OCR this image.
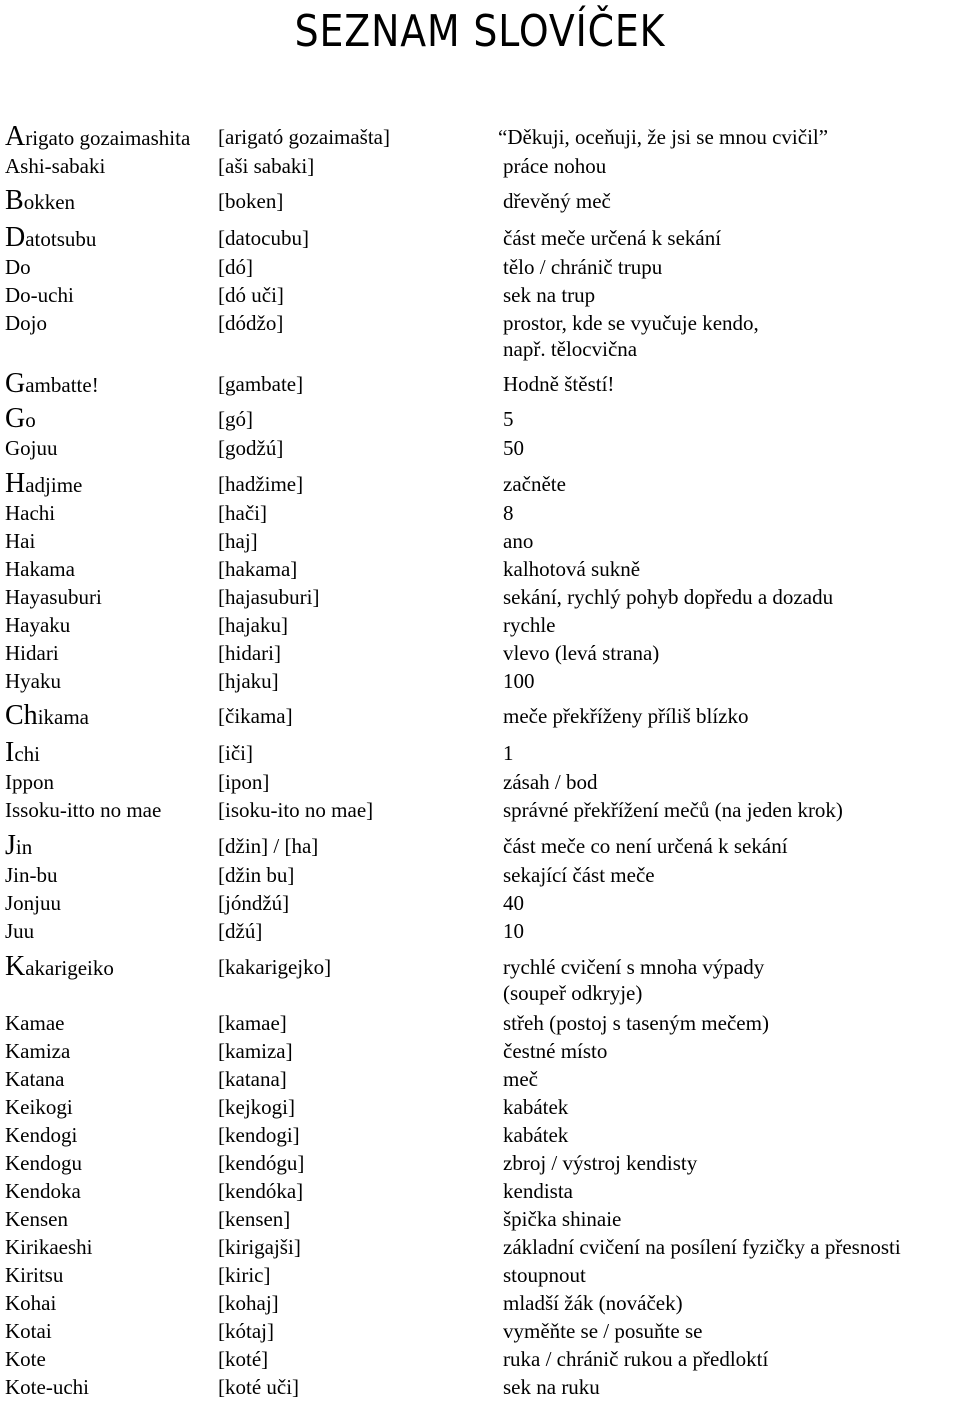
SEZNAM SLOVÍČEK
Arigato gozaimashita [arigató gozaimašta]	“Děkuji, oceňuji, že jsi se mnou cvičil”
Ashi-sabaki	[aši sabaki]	práce nohou
Bokken	[boken]	dřevěný meč
Datotsubu	[datocubu]	část meče určená k sekání
Do	[dó]	tělo / chránič trupu
Do-uchi	[dó uči]	sek na trup
Dojo	[dódžo]	prostor, kde se vyučuje kendo,
např. tělocvična
Gambatte!	[gambate]	Hodně štěstí!
Go	[gó]	5
Gojuu	[godžú]	50
Hadjime	[hadžime]	začněte
Hachi	[hači]	8
Hai	[haj]	ano
Hakama	[hakama]	kalhotová sukně
Hayasuburi	[hajasuburi]	sekání, rychlý pohyb dopředu a dozadu
Hayaku	[hajaku]	rychle
Hidari	[hidari]	vlevo (levá strana)
Hyaku	[hjaku]	100
Chikama	[čikama]	meče překříženy příliš blízko
Ichi	[iči]	1
Ippon	[ipon]	zásah / bod
Issoku-itto no mae	[isoku-ito no mae]	správné překřížení mečů (na jeden krok)
Jin	[džin] / [ha]	část meče co není určená k sekání
Jin-bu	[džin bu]	sekající část meče
Jonjuu	[jóndžú]	40
Juu	[džú]	10
Kakarigeiko	[kakarigejko]	rychlé cvičení s mnoha výpady
(soupeř odkryje)
Kamae	[kamae]	střeh (postoj s taseným mečem)
Kamiza	[kamiza]	čestné místo
Katana	[katana]	meč
Keikogi	[kejkogi]	kabátek
Kendogi	[kendogi]	kabátek
Kendogu	[kendógu]	zbroj / výstroj kendisty
Kendoka	[kendóka]	kendista
Kensen	[kensen]	špička shinaie
Kirikaeshi	[kirigajši]	základní cvičení na posílení fyzičky a přesnosti
Kiritsu	[kiric]	stoupnout
Kohai	[kohaj]	mladší žák (nováček)
Kotai	[kótaj]	vyměňte se / posuňte se
Kote	[koté]	ruka / chránič rukou a předloktí
Kote-uchi	[koté uči]	sek na ruku
